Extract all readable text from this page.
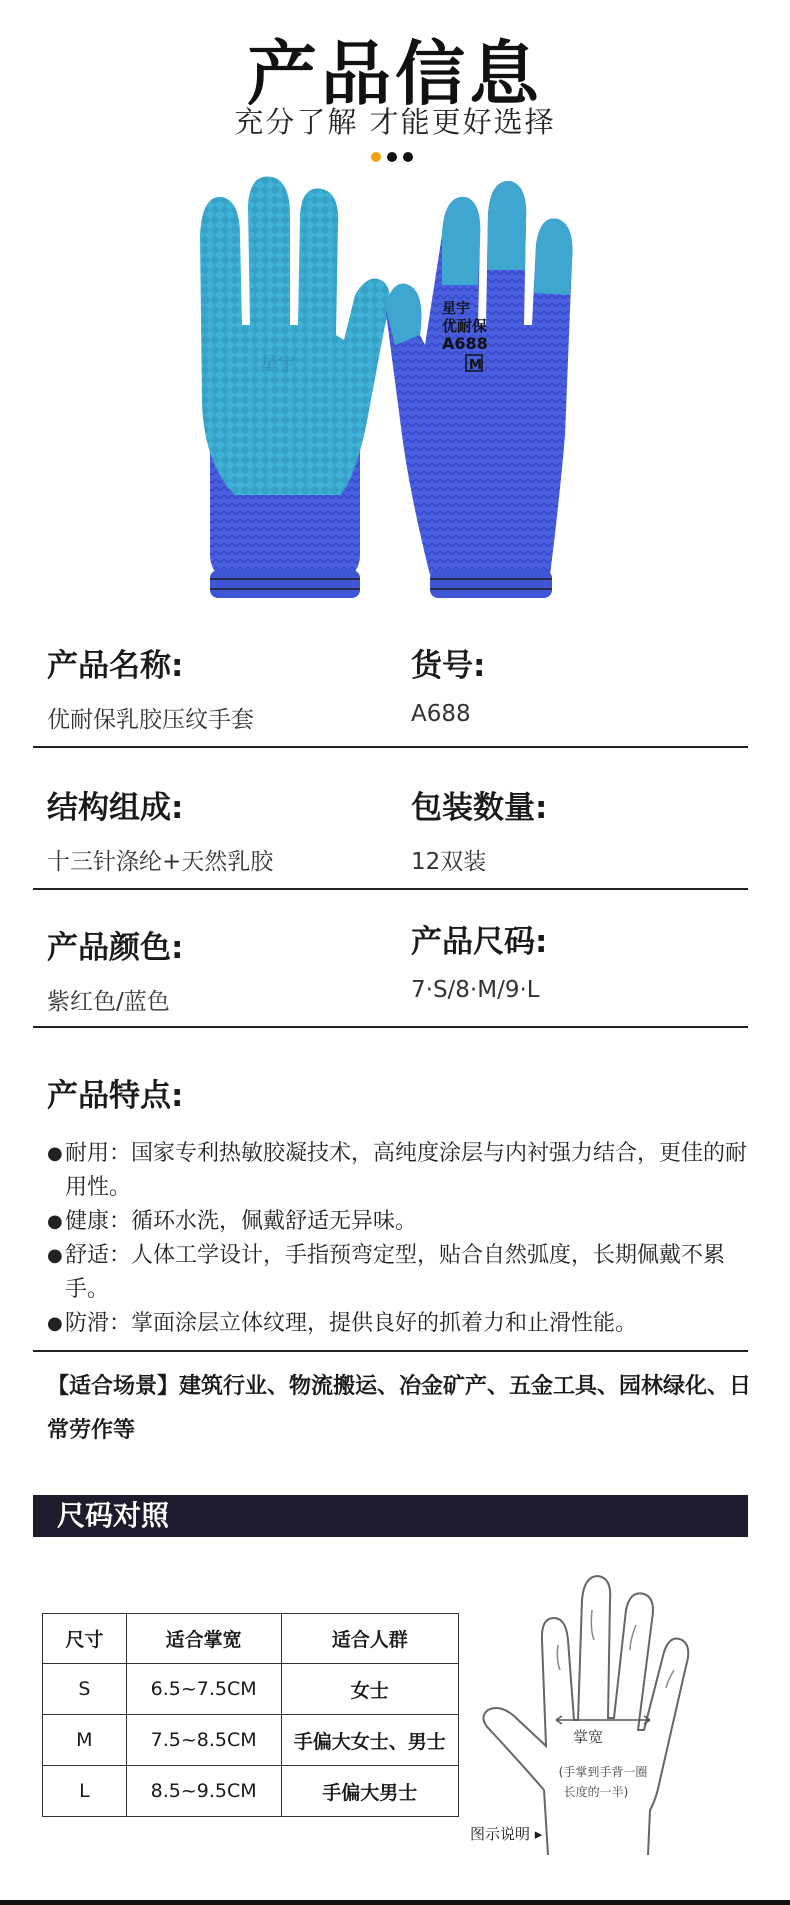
产品信息
充分了解 才能更好选择
星宇
星宇
优耐保
A688
M
产品名称:
优耐保乳胶压纹手套
货号:
A688
结构组成:
十三针涤纶+天然乳胶
包装数量:
12双装
产品颜色:
紫红色/蓝色
产品尺码:
7·S/8·M/9·L
产品特点:
● 耐用：国家专利热敏胶凝技术，高纯度涂层与内衬强力结合，更佳的耐用性。
● 健康：循环水洗，佩戴舒适无异味。
● 舒适：人体工学设计，手指预弯定型，贴合自然弧度，长期佩戴不累手。
● 防滑：掌面涂层立体纹理，提供良好的抓着力和止滑性能。
【适合场景】建筑行业、物流搬运、冶金矿产、五金工具、园林绿化、日常劳作等
尺码对照
尺寸	适合掌宽	适合人群
S	6.5~7.5CM	女士
M	7.5~8.5CM	手偏大女士、男士
L	8.5~9.5CM	手偏大男士
掌宽
(手掌到手背一圈
长度的一半)
图示说明 ▸
